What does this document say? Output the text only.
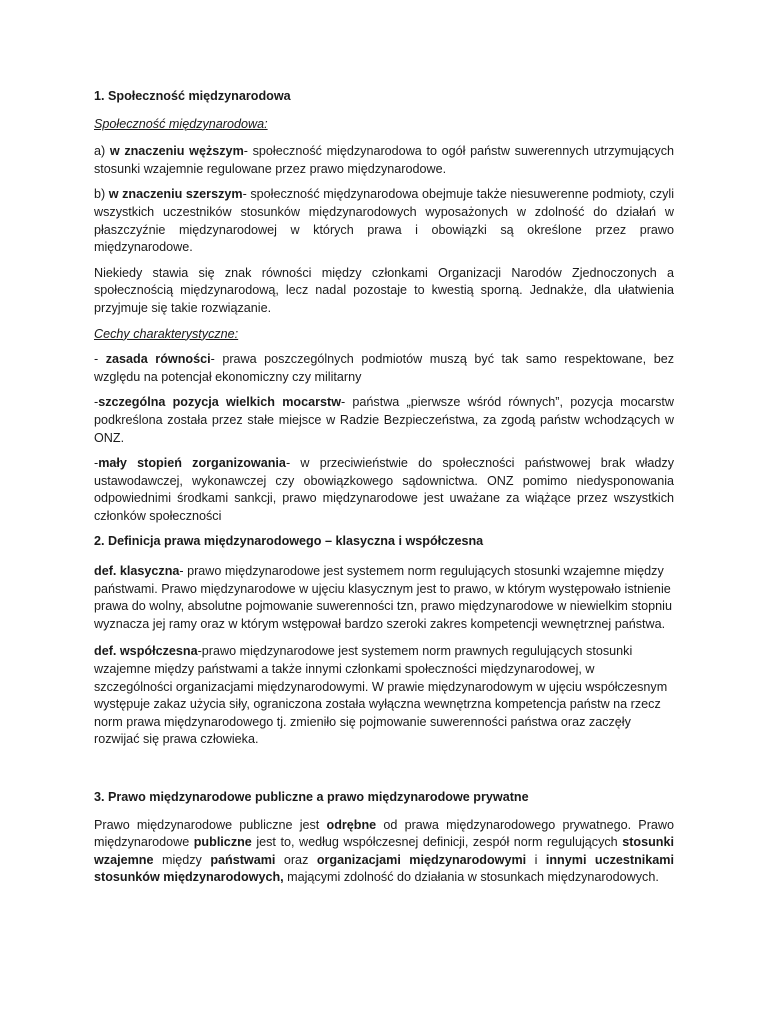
1. Społeczność międzynarodowa

Społeczność międzynarodowa:

a) w znaczeniu węższym- społeczność międzynarodowa to ogół państw suwerennych utrzymujących stosunki wzajemnie regulowane przez prawo międzynarodowe.

b) w znaczeniu szerszym- społeczność międzynarodowa obejmuje także niesuwerenne podmioty, czyli wszystkich uczestników stosunków międzynarodowych wyposażonych w zdolność do działań w płaszczyźnie międzynarodowej w których prawa i obowiązki są określone przez prawo międzynarodowe.

Niekiedy stawia się znak równości między członkami Organizacji Narodów Zjednoczonych a społecznością międzynarodową, lecz nadal pozostaje to kwestią sporną. Jednakże, dla ułatwienia przyjmuje się takie rozwiązanie.

Cechy charakterystyczne:

- zasada równości- prawa poszczególnych podmiotów muszą być tak samo respektowane, bez względu na potencjał ekonomiczny czy militarny

-szczególna pozycja wielkich mocarstw- państwa „pierwsze wśród równych”, pozycja mocarstw podkreślona została przez stałe miejsce w Radzie Bezpieczeństwa, za zgodą państw wchodzących w ONZ.

-mały stopień zorganizowania- w przeciwieństwie do społeczności państwowej brak władzy ustawodawczej, wykonawczej czy obowiązkowego sądownictwa. ONZ pomimo niedysponowania odpowiednimi środkami sankcji, prawo międzynarodowe jest uważane za wiążące przez wszystkich członków społeczności

2. Definicja prawa międzynarodowego – klasyczna i współczesna

def. klasyczna- prawo międzynarodowe jest systemem norm regulujących stosunki wzajemne między państwami. Prawo międzynarodowe w ujęciu klasycznym jest to prawo, w którym występowało istnienie prawa do wolny, absolutne pojmowanie suwerenności tzn, prawo międzynarodowe w niewielkim stopniu wyznacza jej ramy oraz w którym wstępował bardzo szeroki zakres kompetencji wewnętrznej państwa.

def. współczesna-prawo międzynarodowe jest systemem norm prawnych regulujących stosunki wzajemne między państwami a także innymi członkami społeczności międzynarodowej, w szczególności organizacjami międzynarodowymi. W prawie międzynarodowym w ujęciu współczesnym występuje zakaz użycia siły, ograniczona została wyłączna wewnętrzna kompetencja państw na rzecz norm prawa międzynarodowego tj. zmieniło się pojmowanie suwerenności państwa oraz zaczęły rozwijać się prawa człowieka.

3. Prawo międzynarodowe publiczne a prawo międzynarodowe prywatne

Prawo międzynarodowe publiczne jest odrębne od prawa międzynarodowego prywatnego. Prawo międzynarodowe publiczne jest to, według współczesnej definicji, zespół norm regulujących stosunki wzajemne między państwami oraz organizacjami międzynarodowymi i innymi uczestnikami stosunków międzynarodowych, mającymi zdolność do działania w stosunkach międzynarodowych.
